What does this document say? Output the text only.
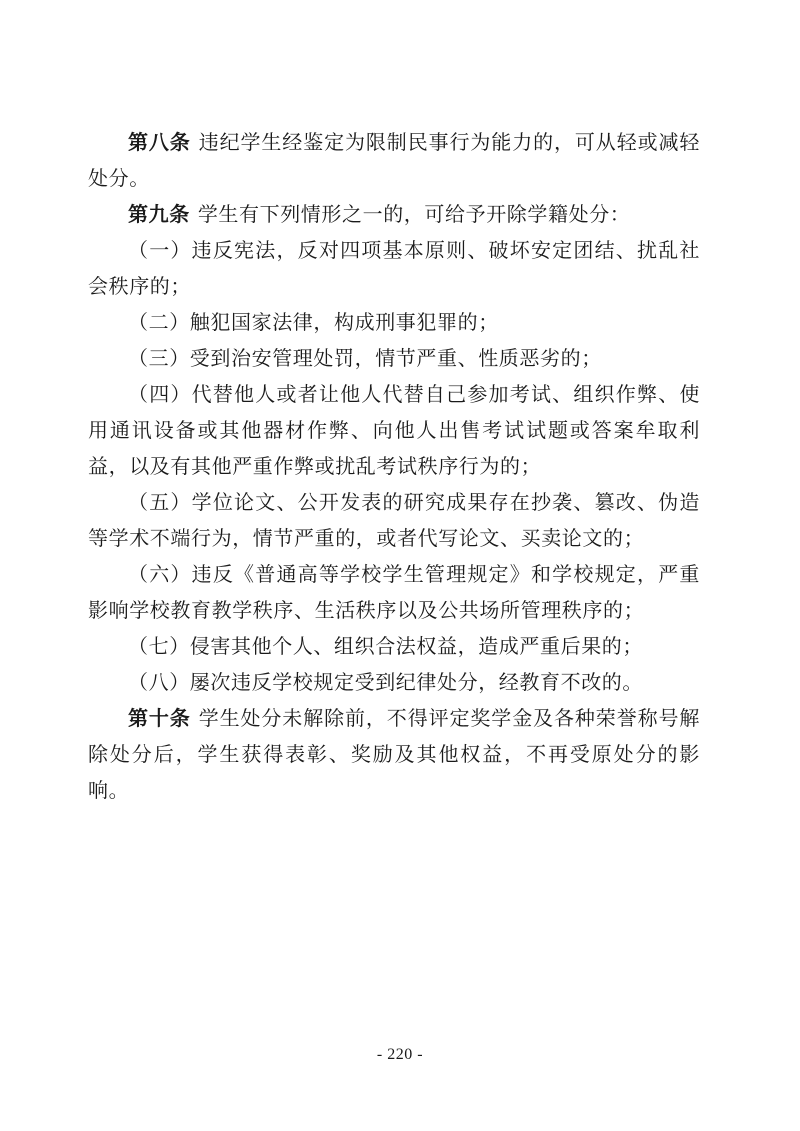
第八条 违纪学生经鉴定为限制民事行为能力的，可从轻或减轻处分。

第九条 学生有下列情形之一的，可给予开除学籍处分：

（一）违反宪法，反对四项基本原则、破坏安定团结、扰乱社会秩序的；

（二）触犯国家法律，构成刑事犯罪的；

（三）受到治安管理处罚，情节严重、性质恶劣的；

（四）代替他人或者让他人代替自己参加考试、组织作弊、使用通讯设备或其他器材作弊、向他人出售考试试题或答案牟取利益，以及有其他严重作弊或扰乱考试秩序行为的；

（五）学位论文、公开发表的研究成果存在抄袭、篡改、伪造等学术不端行为，情节严重的，或者代写论文、买卖论文的；

（六）违反《普通高等学校学生管理规定》和学校规定，严重影响学校教育教学秩序、生活秩序以及公共场所管理秩序的；

（七）侵害其他个人、组织合法权益，造成严重后果的；

（八）屡次违反学校规定受到纪律处分，经教育不改的。

第十条 学生处分未解除前，不得评定奖学金及各种荣誉称号解除处分后，学生获得表彰、奖励及其他权益，不再受原处分的影响。

- 220 -
